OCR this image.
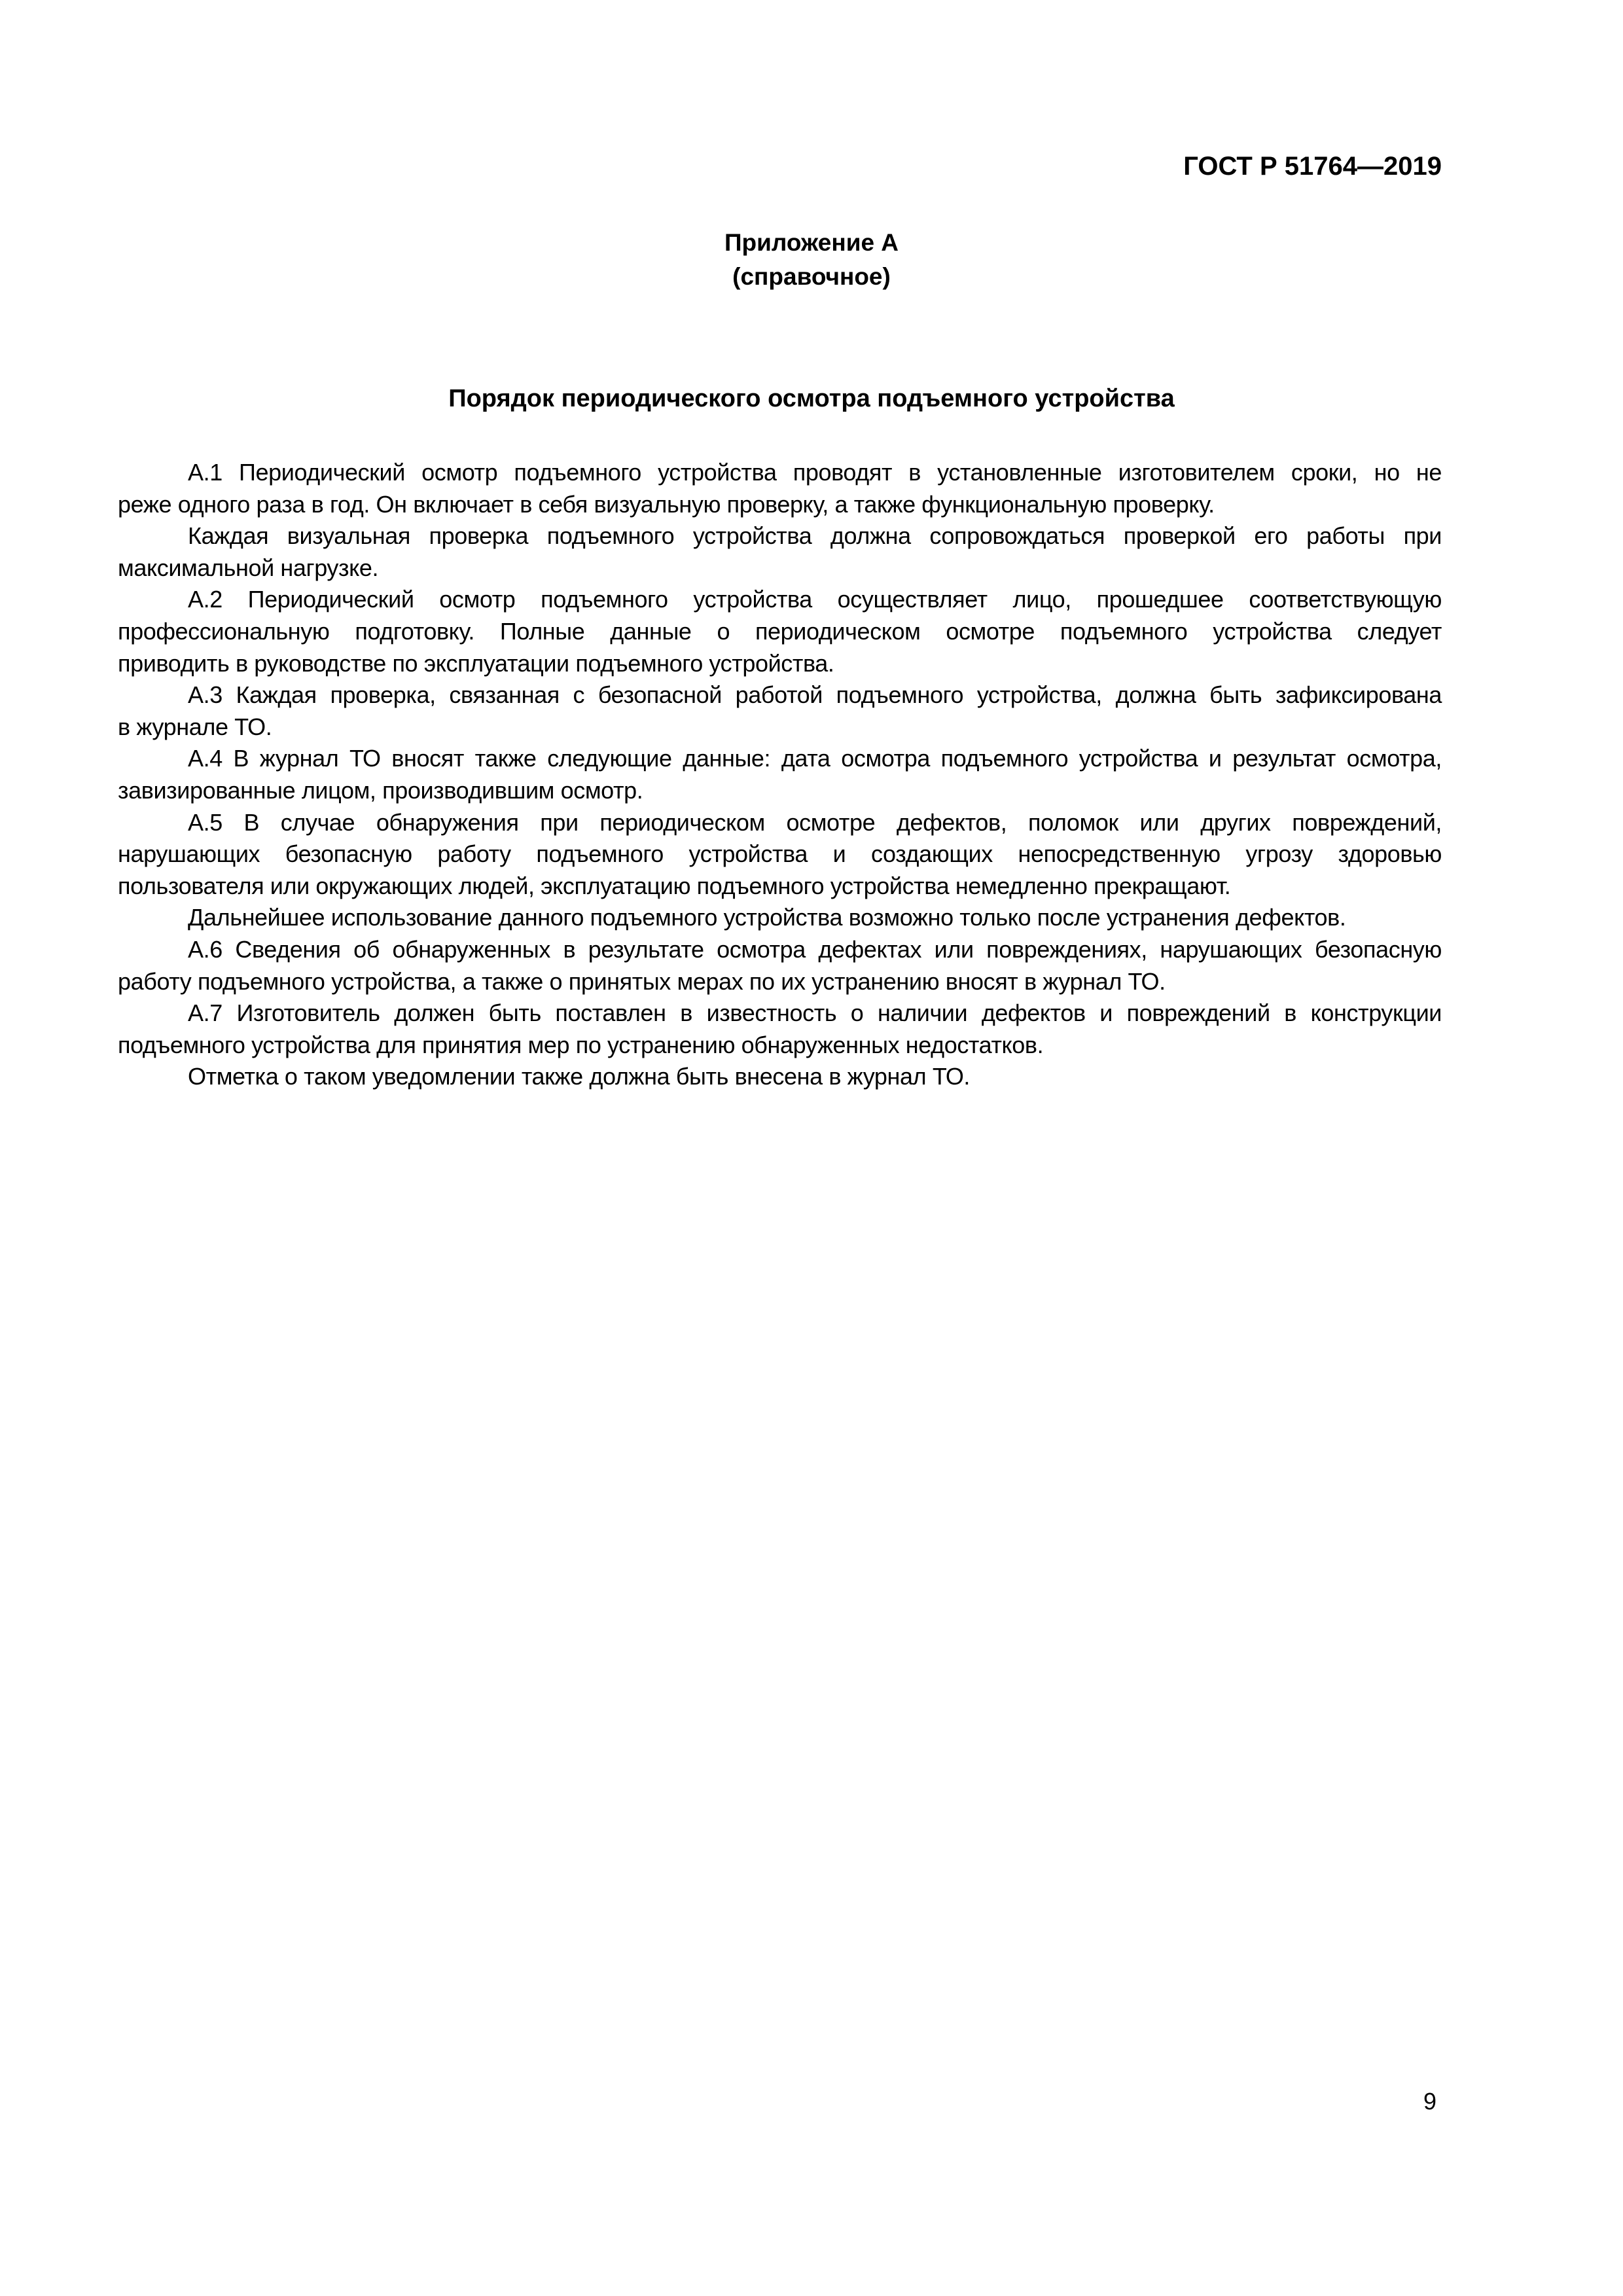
ГОСТ Р 51764—2019
Приложение А
(справочное)
Порядок периодического осмотра подъемного устройства
А.1 Периодический осмотр подъемного устройства проводят в установленные изготовителем сроки, но не
реже одного раза в год. Он включает в себя визуальную проверку, а также функциональную проверку.
Каждая визуальная проверка подъемного устройства должна сопровождаться проверкой его работы при
максимальной нагрузке.
А.2 Периодический осмотр подъемного устройства осуществляет лицо, прошедшее соответствующую
профессиональную подготовку. Полные данные о периодическом осмотре подъемного устройства следует
приводить в руководстве по эксплуатации подъемного устройства.
А.3 Каждая проверка, связанная с безопасной работой подъемного устройства, должна быть зафиксирована
в журнале ТО.
А.4 В журнал ТО вносят также следующие данные: дата осмотра подъемного устройства и результат осмотра,
завизированные лицом, производившим осмотр.
А.5 В случае обнаружения при периодическом осмотре дефектов, поломок или других повреждений,
нарушающих безопасную работу подъемного устройства и создающих непосредственную угрозу здоровью
пользователя или окружающих людей, эксплуатацию подъемного устройства немедленно прекращают.
Дальнейшее использование данного подъемного устройства возможно только после устранения дефектов.
А.6 Сведения об обнаруженных в результате осмотра дефектах или повреждениях, нарушающих безопасную
работу подъемного устройства, а также о принятых мерах по их устранению вносят в журнал ТО.
А.7 Изготовитель должен быть поставлен в известность о наличии дефектов и повреждений в конструкции
подъемного устройства для принятия мер по устранению обнаруженных недостатков.
Отметка о таком уведомлении также должна быть внесена в журнал ТО.
9
